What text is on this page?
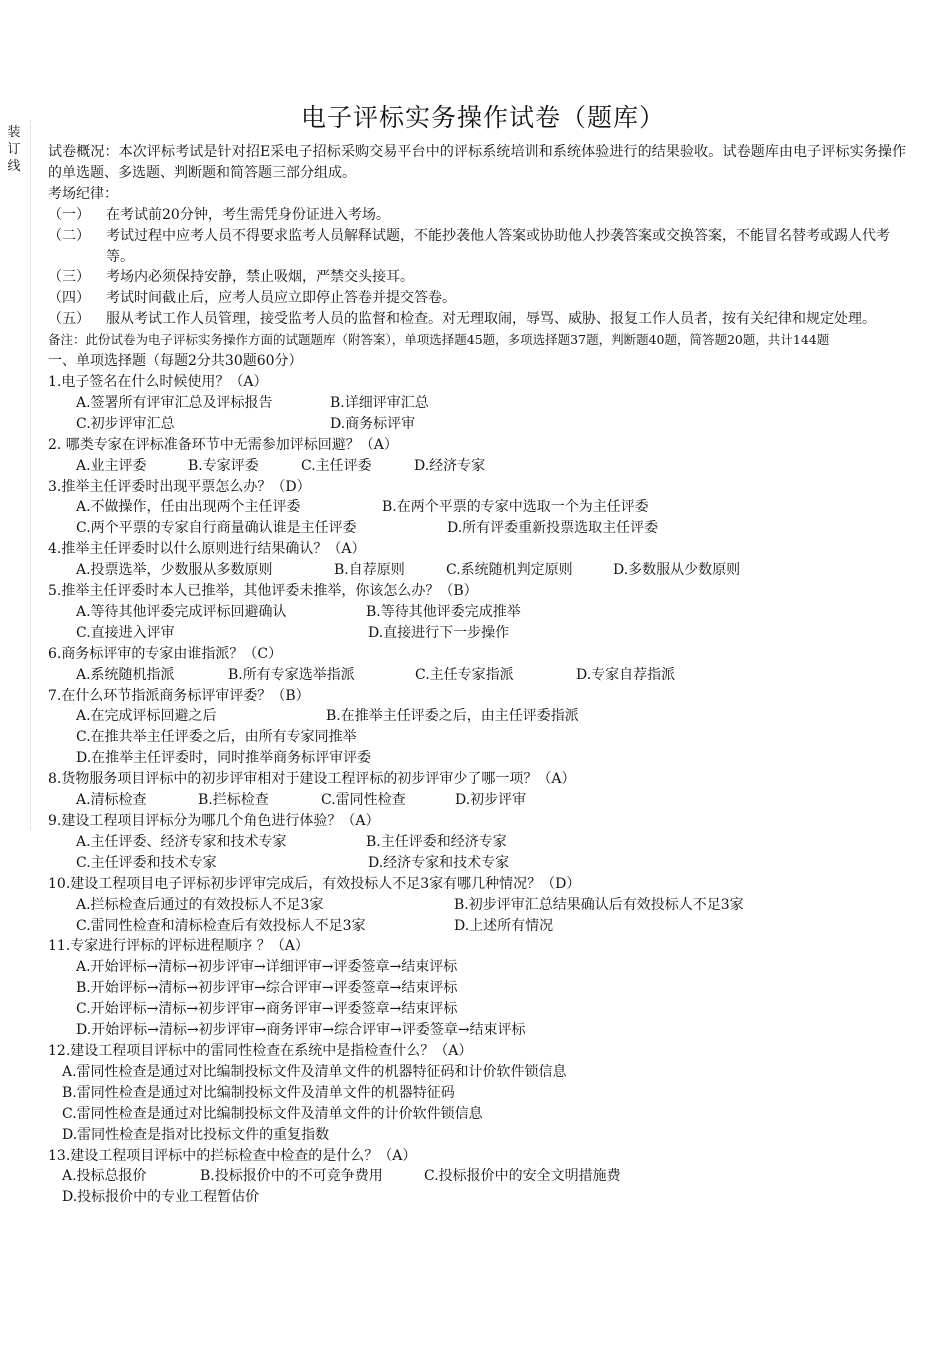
装订线
电子评标实务操作试卷（题库）
试卷概况：本次评标考试是针对招E采电子招标采购交易平台中的评标系统培训和系统体验进行的结果验收。试卷题库由电子评标实务操作的单选题、多选题、判断题和简答题三部分组成。
考场纪律：
（一）	在考试前20分钟，考生需凭身份证进入考场。
（二）	考试过程中应考人员不得要求监考人员解释试题，不能抄袭他人答案或协助他人抄袭答案或交换答案，不能冒名替考或踢人代考等。
（三）	考场内必须保持安静，禁止吸烟，严禁交头接耳。
（四）	考试时间截止后，应考人员应立即停止答卷并提交答卷。
（五）	服从考试工作人员管理，接受监考人员的监督和检查。对无理取闹，辱骂、威胁、报复工作人员者，按有关纪律和规定处理。
备注：此份试卷为电子评标实务操作方面的试题题库（附答案），单项选择题45题，多项选择题37题，判断题40题，简答题20题，共计144题
一、单项选择题（每题2分共30题60分）
1.电子签名在什么时候使用？（A）
A.签署所有评审汇总及评标报告	B.详细评审汇总
C.初步评审汇总	D.商务标评审
2. 哪类专家在评标准备环节中无需参加评标回避？（A）
A.业主评委	B.专家评委	C.主任评委	D.经济专家
3.推举主任评委时出现平票怎么办？（D）
A.不做操作，任由出现两个主任评委	B.在两个平票的专家中选取一个为主任评委
C.两个平票的专家自行商量确认谁是主任评委	D.所有评委重新投票选取主任评委
4.推举主任评委时以什么原则进行结果确认？（A）
A.投票选举，少数服从多数原则	B.自荐原则	C.系统随机判定原则	D.多数服从少数原则
5.推举主任评委时本人已推举，其他评委未推举，你该怎么办？（B）
A.等待其他评委完成评标回避确认	B.等待其他评委完成推举
C.直接进入评审	D.直接进行下一步操作
6.商务标评审的专家由谁指派？（C）
A.系统随机指派	B.所有专家选举指派	C.主任专家指派	D.专家自荐指派
7.在什么环节指派商务标评审评委？（B）
A.在完成评标回避之后	B.在推举主任评委之后，由主任评委指派
C.在推共举主任评委之后，由所有专家同推举
D.在推举主任评委时，同时推举商务标评审评委
8.货物服务项目评标中的初步评审相对于建设工程评标的初步评审少了哪一项？（A）
A.清标检查	B.拦标检查	C.雷同性检查	D.初步评审
9.建设工程项目评标分为哪几个角色进行体验？（A）
A.主任评委、经济专家和技术专家	B.主任评委和经济专家
C.主任评委和技术专家	D.经济专家和技术专家
10.建设工程项目电子评标初步评审完成后，有效投标人不足3家有哪几种情况？（D）
A.拦标检查后通过的有效投标人不足3家	B.初步评审汇总结果确认后有效投标人不足3家
C.雷同性检查和清标检查后有效投标人不足3家	D.上述所有情况
11.专家进行评标的评标进程顺序 ？（A）
A.开始评标→清标→初步评审→详细评审→评委签章→结束评标
B.开始评标→清标→初步评审→综合评审→评委签章→结束评标
C.开始评标→清标→初步评审→商务评审→评委签章→结束评标
D.开始评标→清标→初步评审→商务评审→综合评审→评委签章→结束评标
12.建设工程项目评标中的雷同性检查在系统中是指检查什么？（A）
A.雷同性检查是通过对比编制投标文件及清单文件的机器特征码和计价软件锁信息
B.雷同性检查是通过对比编制投标文件及清单文件的机器特征码
C.雷同性检查是通过对比编制投标文件及清单文件的计价软件锁信息
D.雷同性检查是指对比投标文件的重复指数
13.建设工程项目评标中的拦标检查中检查的是什么？（A）
A.投标总报价	B.投标报价中的不可竞争费用	C.投标报价中的安全文明措施费
D.投标报价中的专业工程暂估价
